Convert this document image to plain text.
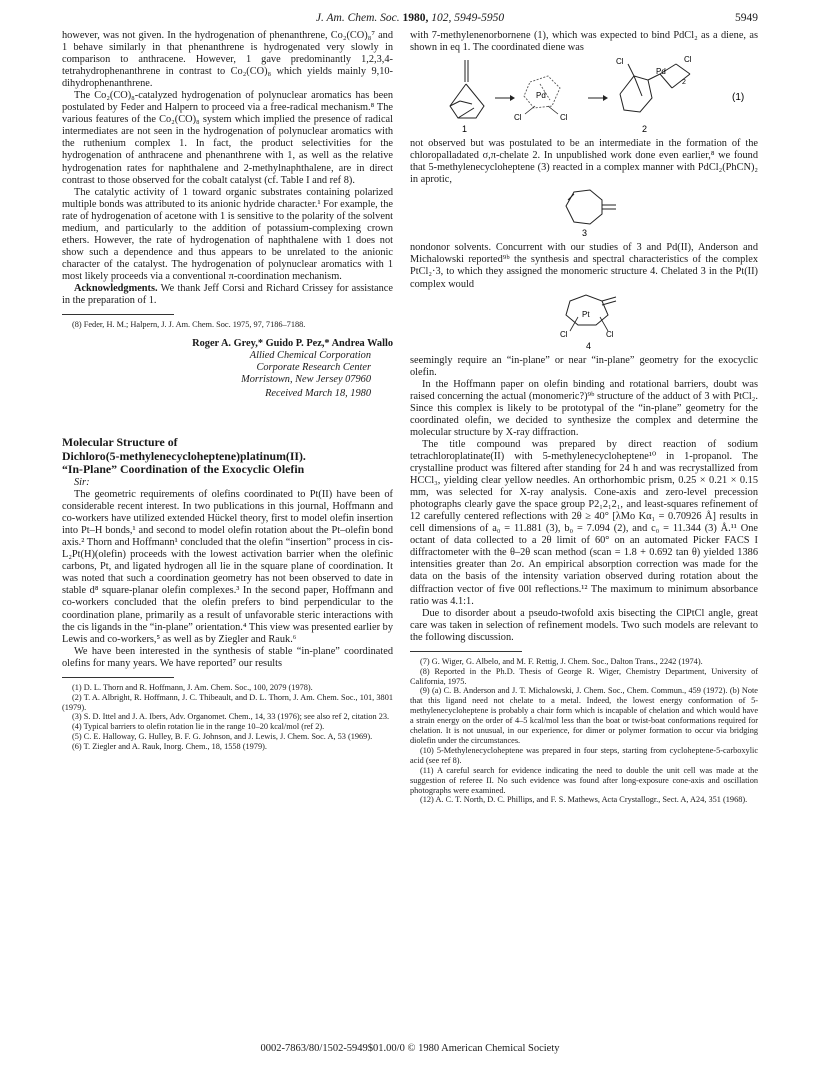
J. Am. Chem. Soc. 1980, 102, 5949-5950	5949

however, was not given. In the hydrogenation of phenanthrene, Co₂(CO)₈⁷ and 1 behave similarly in that phenanthrene is hydrogenated very slowly in comparison to anthracene. However, 1 gave predominantly 1,2,3,4-tetrahydrophenanthrene in contrast to Co₂(CO)₈ which yields mainly 9,10-dihydrophenanthrene.

The Co₂(CO)₈-catalyzed hydrogenation of polynuclear aromatics has been postulated by Feder and Halpern to proceed via a free-radical mechanism.⁸ The various features of the Co₂(CO)₈ system which implied the presence of radical intermediates are not seen in the hydrogenation of polynuclear aromatics with the ruthenium complex 1. In fact, the product selectivities for the hydrogenation of anthracene and phenanthrene with 1, as well as the relative hydrogenation rates for naphthalene and 2-methylnaphthalene, are in direct contrast to those observed for the cobalt catalyst (cf. Table I and ref 8).

The catalytic activity of 1 toward organic substrates containing polarized multiple bonds was attributed to its anionic hydride character.¹ For example, the rate of hydrogenation of acetone with 1 is sensitive to the polarity of the solvent medium, and particularly to the addition of potassium-complexing crown ethers. However, the rate of hydrogenation of naphthalene with 1 does not show such a dependence and thus appears to be unrelated to the anionic character of the catalyst. The hydrogenation of polynuclear aromatics with 1 most likely proceeds via a conventional π-coordination mechanism.

Acknowledgments. We thank Jeff Corsi and Richard Crissey for assistance in the preparation of 1.

(8) Feder, H. M.; Halpern, J. J. Am. Chem. Soc. 1975, 97, 7186–7188.

Roger A. Grey,* Guido P. Pez,* Andrea Wallo
Allied Chemical Corporation
Corporate Research Center
Morristown, New Jersey 07960
Received March 18, 1980
Molecular Structure of
Dichloro(5-methylenecycloheptene)platinum(II).
“In-Plane” Coordination of the Exocyclic Olefin

Sir:

The geometric requirements of olefins coordinated to Pt(II) have been of considerable recent interest. In two publications in this journal, Hoffmann and co-workers have utilized extended Hückel theory, first to model olefin insertion into Pt–H bonds,¹ and second to model olefin rotation about the Pt–olefin bond axis.² Thorn and Hoffmann¹ concluded that the olefin “insertion” process in cis-L₂Pt(H)(olefin) proceeds with the lowest activation barrier when the olefinic carbons, Pt, and ligated hydrogen all lie in the square plane of coordination. It was noted that such a coordination geometry has not been observed to date in stable d⁸ square-planar olefin complexes.³ In the second paper, Hoffmann and co-workers concluded that the olefin prefers to bind perpendicular to the coordination plane, primarily as a result of unfavorable steric interactions with the cis ligands in the “in-plane” orientation.⁴ This view was presented earlier by Lewis and co-workers,⁵ as well as by Ziegler and Rauk.⁶

We have been interested in the synthesis of stable “in-plane” coordinated olefins for many years. We have reported⁷ our results

(1) D. L. Thorn and R. Hoffmann, J. Am. Chem. Soc., 100, 2079 (1978).

(2) T. A. Albright, R. Hoffmann, J. C. Thibeault, and D. L. Thorn, J. Am. Chem. Soc., 101, 3801 (1979).

(3) S. D. Ittel and J. A. Ibers, Adv. Organomet. Chem., 14, 33 (1976); see also ref 2, citation 23.

(4) Typical barriers to olefin rotation lie in the range 10–20 kcal/mol (ref 2).

(5) C. E. Halloway, G. Hulley, B. F. G. Johnson, and J. Lewis, J. Chem. Soc. A, 53 (1969).

(6) T. Ziegler and A. Rauk, Inorg. Chem., 18, 1558 (1979).

with 7-methylenenorbornene (1), which was expected to bind PdCl₂ as a diene, as shown in eq 1. The coordinated diene was

1
Pd
Cl	Cl
Cl
Pd
Cl
2
2
(1)

not observed but was postulated to be an intermediate in the formation of the chloropalladated σ,π-chelate 2. In unpublished work done even earlier,⁸ we found that 5-methylenecycloheptene (3) reacted in a complex manner with PdCl₂(PhCN)₂ in aprotic,

3

nondonor solvents. Concurrent with our studies of 3 and Pd(II), Anderson and Michalowski reported⁹ᵇ the synthesis and spectral characteristics of the complex PtCl₂·3, to which they assigned the monomeric structure 4. Chelated 3 in the Pt(II) complex would

Pt
Cl	Cl
4

seemingly require an “in-plane” or near “in-plane” geometry for the exocyclic olefin.

In the Hoffmann paper on olefin binding and rotational barriers, doubt was raised concerning the actual (monomeric?)⁹ᵇ structure of the adduct of 3 with PtCl₂. Since this complex is likely to be prototypal of the “in-plane” geometry for the coordinated olefin, we decided to synthesize the complex and determine the molecular structure by X-ray diffraction.

The title compound was prepared by direct reaction of sodium tetrachloroplatinate(II) with 5-methylenecycloheptene¹⁰ in 1-propanol. The crystalline product was filtered after standing for 24 h and was recrystallized from HCCl₃, yielding clear yellow needles. An orthorhombic prism, 0.25 × 0.21 × 0.15 mm, was selected for X-ray analysis. Cone-axis and zero-level precession photographs clearly gave the space group P2₁2₁2₁, and least-squares refinement of 12 carefully centered reflections with 2θ ≥ 40° [λMo Kα₁ = 0.70926 Å] results in cell dimensions of a₀ = 11.881 (3), b₀ = 7.094 (2), and c₀ = 11.344 (3) Å.¹¹ One octant of data collected to a 2θ limit of 60° on an automated Picker FACS I diffractometer with the θ–2θ scan method (scan = 1.8 + 0.692 tan θ) yielded 1386 intensities greater than 2σ. An empirical absorption correction was made for the data on the basis of the intensity variation observed during rotation about the diffraction vector of five 00l reflections.¹² The maximum to minimum absorbance ratio was 4.1:1.

Due to disorder about a pseudo-twofold axis bisecting the ClPtCl angle, great care was taken in selection of refinement models. Two such models are relevant to the following discussion.

(7) G. Wiger, G. Albelo, and M. F. Rettig, J. Chem. Soc., Dalton Trans., 2242 (1974).

(8) Reported in the Ph.D. Thesis of George R. Wiger, Chemistry Department, University of California, 1975.

(9) (a) C. B. Anderson and J. T. Michalowski, J. Chem. Soc., Chem. Commun., 459 (1972). (b) Note that this ligand need not chelate to a metal. Indeed, the lowest energy conformation of 5-methylenecycloheptene is probably a chair form which is incapable of chelation and which would have a strain energy on the order of 4–5 kcal/mol less than the boat or twist-boat conformations required for chelation. It is not unusual, in our experience, for dimer or polymer formation to occur via bridging diolefin under the circumstances.

(10) 5-Methylenecycloheptene was prepared in four steps, starting from cycloheptene-5-carboxylic acid (see ref 8).

(11) A careful search for evidence indicating the need to double the unit cell was made at the suggestion of referee II. No such evidence was found after long-exposure cone-axis and oscillation photographs were examined.

(12) A. C. T. North, D. C. Phillips, and F. S. Mathews, Acta Crystallogr., Sect. A, A24, 351 (1968).

0002-7863/80/1502-5949$01.00/0 © 1980 American Chemical Society
